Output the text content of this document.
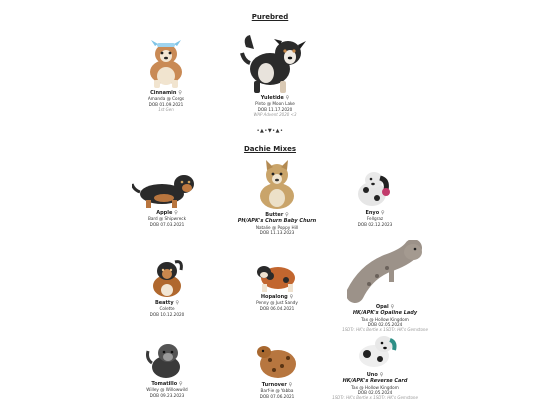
Purebred
Cinnamin ♀
Amanda @ Corgs
DOB 01.09.2021
1st Gen
Yuletide ♀
Pinto @ Moon Lake
DOB 11.17.2020
WAP Advent 2020 <3
•▲•▼•▲•
Dachie Mixes
Apple ♀
Bard @ Shipwreck
DOB 07.03.2021
Butter ♀
PH/APK's Churn Baby Churn
Natalie @ Poppy Hill
DOB 11.13.2023
Enyo ♀
Fellgraz
DOB 02.12.2023
Beatty ♀
Colette
DOB 10.12.2020
Hopalong ♀
Penny @ Just Sandy
DOB 06.04.2021	Opal ♀
HK/APK's Opaline Lady
Tax @ Hollow Kingdom
DOB 02.05.2024
1SDTr. HK's Bertie x 1SDTr. HK's Gemstone
Tomatillo ♀
Willey @ Willowwild
DOB 09.23.2023
Turnover ♀
Barf-ie @ Yabba
DOB 07.06.2021
Uno ♀
HK/APK's Reverse Card
Tax @ Hollow Kingdom
DOB 02.05.2024
1SDTr. HK's Bertie x 1SDTr. HK's Gemstone
